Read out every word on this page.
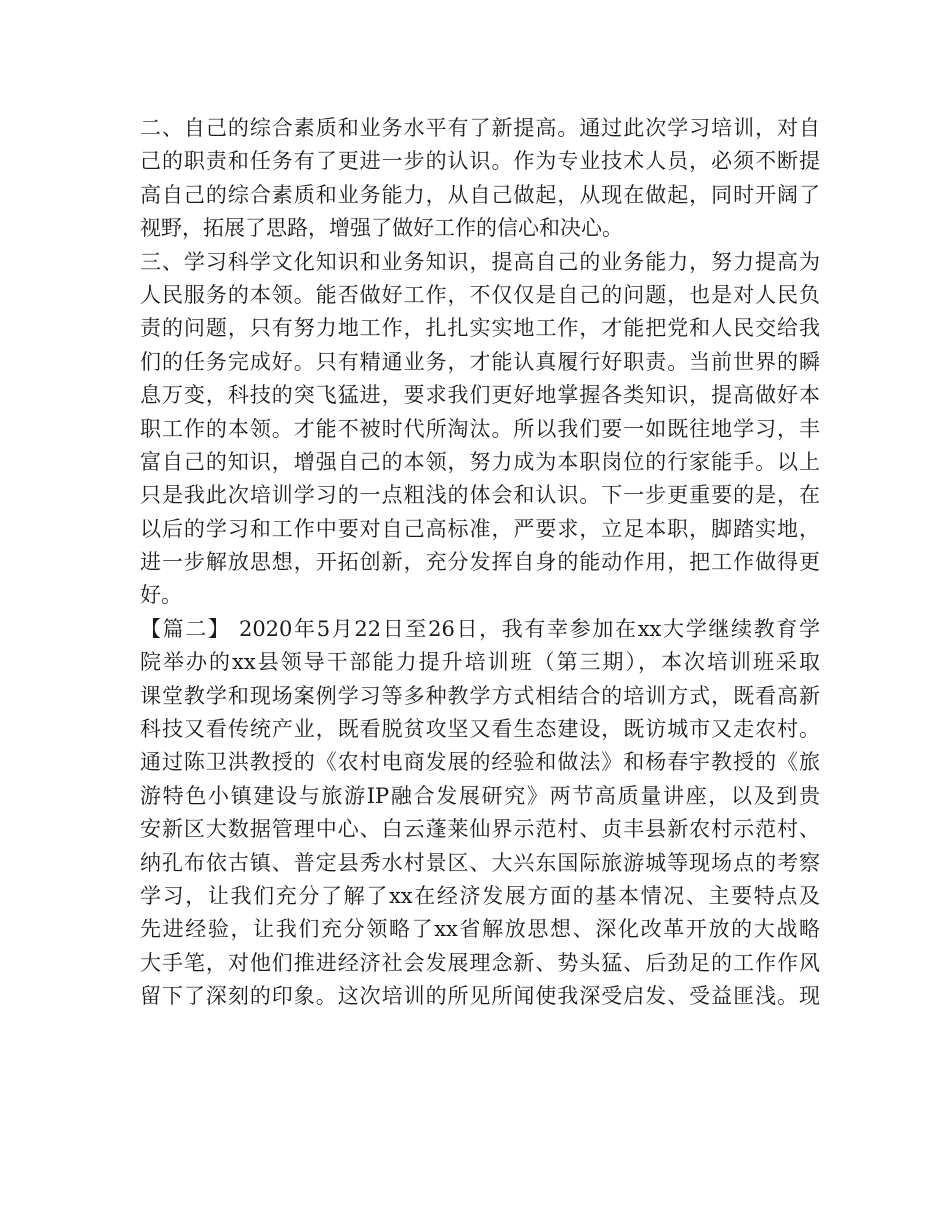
二、自己的综合素质和业务水平有了新提高。通过此次学习培训，对自
己的职责和任务有了更进一步的认识。作为专业技术人员，必须不断提
高自己的综合素质和业务能力，从自己做起，从现在做起，同时开阔了
视野，拓展了思路，增强了做好工作的信心和决心。
三、学习科学文化知识和业务知识，提高自己的业务能力，努力提高为
人民服务的本领。能否做好工作，不仅仅是自己的问题，也是对人民负
责的问题，只有努力地工作，扎扎实实地工作，才能把党和人民交给我
们的任务完成好。只有精通业务，才能认真履行好职责。当前世界的瞬
息万变，科技的突飞猛进，要求我们更好地掌握各类知识，提高做好本
职工作的本领。才能不被时代所淘汰。所以我们要一如既往地学习，丰
富自己的知识，增强自己的本领，努力成为本职岗位的行家能手。以上
只是我此次培训学习的一点粗浅的体会和认识。下一步更重要的是，在
以后的学习和工作中要对自己高标准，严要求，立足本职，脚踏实地，
进一步解放思想，开拓创新，充分发挥自身的能动作用，把工作做得更
好。
【篇二】 2020年5月22日至26日，我有幸参加在xx大学继续教育学
院举办的xx县领导干部能力提升培训班（第三期），本次培训班采取
课堂教学和现场案例学习等多种教学方式相结合的培训方式，既看高新
科技又看传统产业，既看脱贫攻坚又看生态建设，既访城市又走农村。
通过陈卫洪教授的《农村电商发展的经验和做法》和杨春宇教授的《旅
游特色小镇建设与旅游IP融合发展研究》两节高质量讲座，以及到贵
安新区大数据管理中心、白云蓬莱仙界示范村、贞丰县新农村示范村、
纳孔布依古镇、普定县秀水村景区、大兴东国际旅游城等现场点的考察
学习，让我们充分了解了xx在经济发展方面的基本情况、主要特点及
先进经验，让我们充分领略了xx省解放思想、深化改革开放的大战略
大手笔，对他们推进经济社会发展理念新、势头猛、后劲足的工作作风
留下了深刻的印象。这次培训的所见所闻使我深受启发、受益匪浅。现
